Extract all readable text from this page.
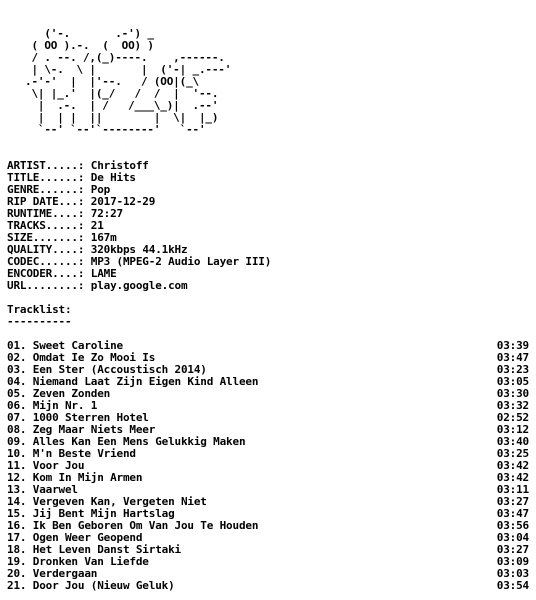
('-.       .-') _
( OO ).-.  (  OO) )
/ . --. /,(_)----.    ,------.
| \-.  \ |       |  ('-| _.---'
.-'-'  |  |'--.   / (OO|(_\
\| |_.'  |(_/   /  /  |  '--.
|  .-.  | /   /___\_)|  .--'
|  | |  ||        |  \|  |_)
`--' `--'`--------'   `--'
ARTIST ..... : Christoff
TITLE ...... : De Hits
GENRE ...... : Pop
RIP DATE ... : 2017-12-29
RUNTIME .... : 72:27
TRACKS ..... : 21
SIZE ....... : 167m
QUALITY .... : 320kbps 44.1kHz
CODEC ...... : MP3 (MPEG-2 Audio Layer III)
ENCODER .... : LAME
URL ........ : play.google.com
Tracklist:
----------
01. Sweet Caroline	03:39
02. Omdat Ie Zo Mooi Is	03:47
03. Een Ster (Accoustisch 2014)	03:23
04. Niemand Laat Zijn Eigen Kind Alleen	03:05
05. Zeven Zonden	03:30
06. Mijn Nr. 1	03:32
07. 1000 Sterren Hotel	02:52
08. Zeg Maar Niets Meer	03:12
09. Alles Kan Een Mens Gelukkig Maken	03:40
10. M'n Beste Vriend	03:25
11. Voor Jou	03:42
12. Kom In Mijn Armen	03:42
13. Vaarwel	03:11
14. Vergeven Kan, Vergeten Niet	03:27
15. Jij Bent Mijn Hartslag	03:47
16. Ik Ben Geboren Om Van Jou Te Houden	03:56
17. Ogen Weer Geopend	03:04
18. Het Leven Danst Sirtaki	03:27
19. Dronken Van Liefde	03:09
20. Verdergaan	03:03
21. Door Jou (Nieuw Geluk)	03:54
